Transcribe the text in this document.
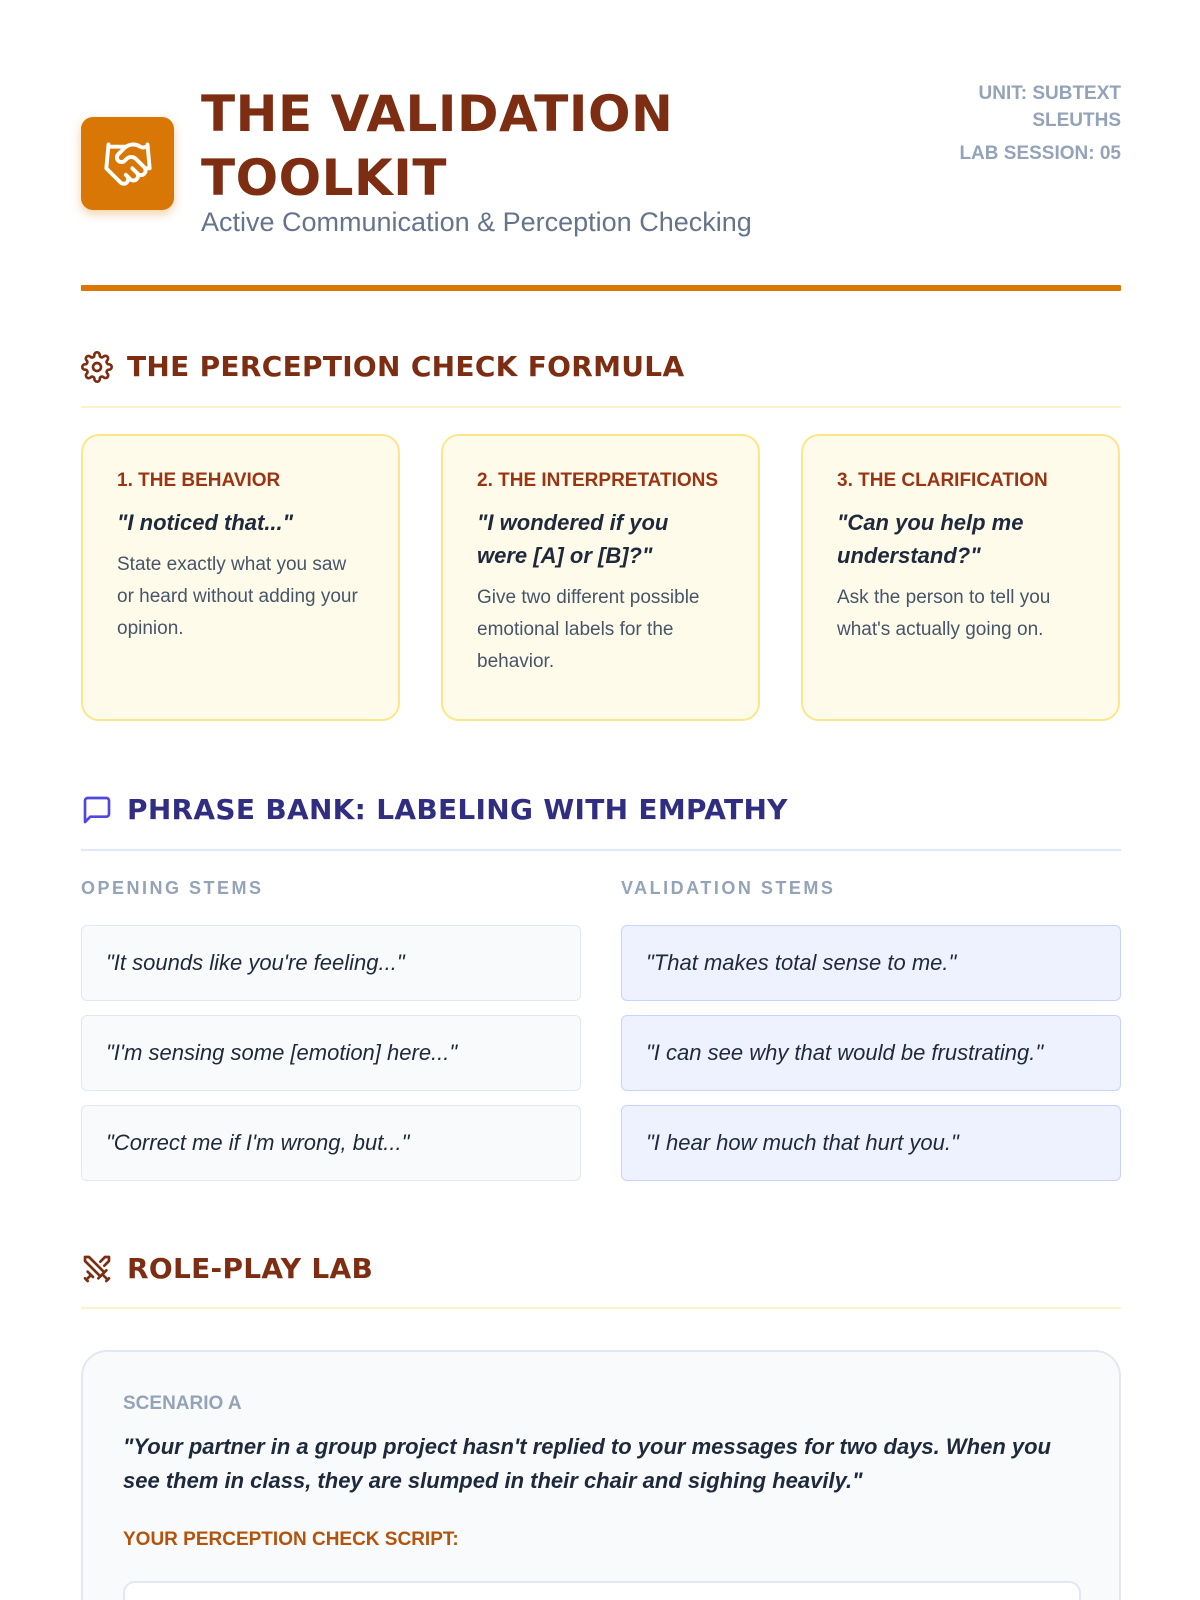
THE VALIDATION
TOOLKIT
Active Communication & Perception Checking
UNIT: SUBTEXT
SLEUTHS
LAB SESSION: 05
THE PERCEPTION CHECK FORMULA
1. THE BEHAVIOR
"I noticed that..."
State exactly what you saw or heard without adding your opinion.
2. THE INTERPRETATIONS
"I wondered if you were [A] or [B]?"
Give two different possible emotional labels for the behavior.
3. THE CLARIFICATION
"Can you help me understand?"
Ask the person to tell you what's actually going on.
PHRASE BANK: LABELING WITH EMPATHY
OPENING STEMS	VALIDATION STEMS
"It sounds like you're feeling..."
"I'm sensing some [emotion] here..."
"Correct me if I'm wrong, but..."
"That makes total sense to me."
"I can see why that would be frustrating."
"I hear how much that hurt you."
ROLE-PLAY LAB
SCENARIO A
"Your partner in a group project hasn't replied to your messages for two days. When you see them in class, they are slumped in their chair and sighing heavily."
YOUR PERCEPTION CHECK SCRIPT:
